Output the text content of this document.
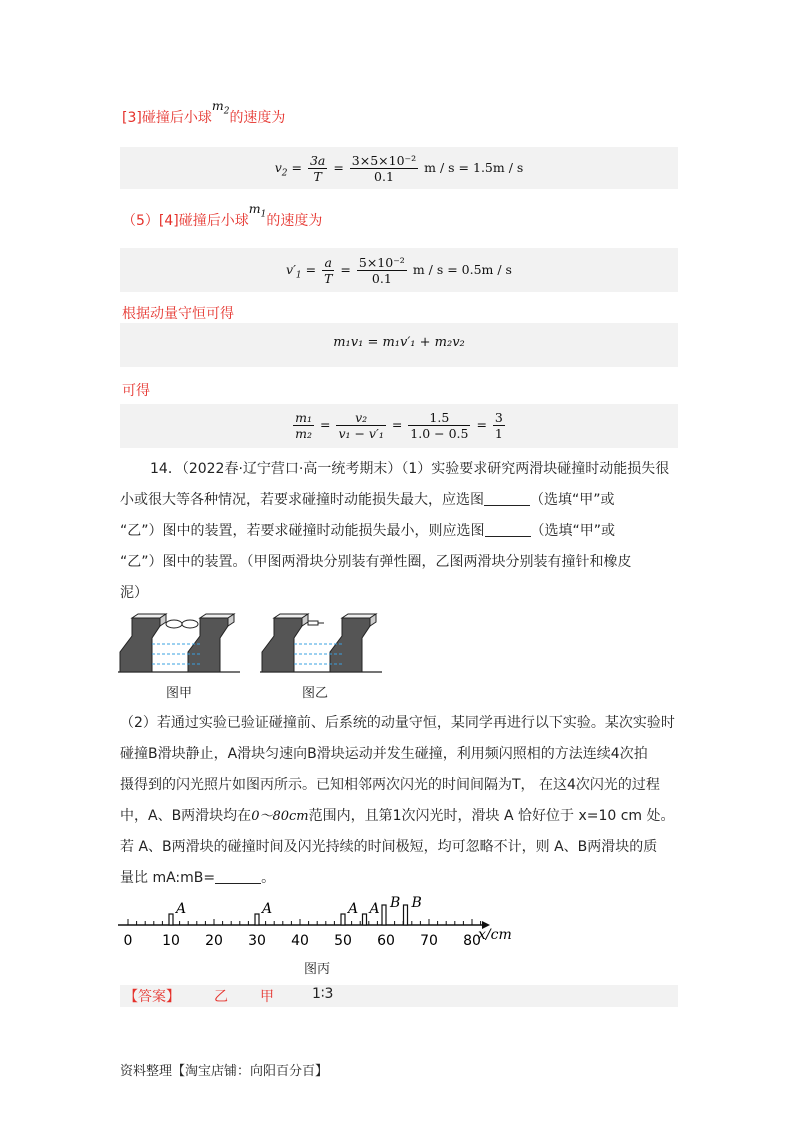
[3]碰撞后小球$m_2$的速度为
$v_2 = \frac{3a}{T} = \frac{\text{3×5×10⁻²}}{0.1}$ m / s = 1.5m / s
（5）[4]碰撞后小球$m_1$的速度为
$v'_1 = \frac{a}{T} = \frac{\text{5×10⁻²}}{0.1}$ m / s = 0.5m / s
根据动量守恒可得
m₁v₁ = m₁v′₁ + m₂v₂
可得
$\frac{\text{m₁}}{\text{m₂}} = \frac{\text{v₂}}{\text{v₁ − v′₁}} = \frac{1.5}{1.0 - 0.5} = \frac{3}{1}$
14．（2022春·辽宁营口·高一统考期末）（1）实验要求研究两滑块碰撞时动能损失很
小或很大等各种情况，若要求碰撞时动能损失最大，应选图	（选填“甲”或
“乙”）图中的装置，若要求碰撞时动能损失最小，则应选图	（选填“甲”或
“乙”）图中的装置。（甲图两滑块分别装有弹性圈，乙图两滑块分别装有撞针和橡皮
泥）
图甲	图乙
（2）若通过实验已验证碰撞前、后系统的动量守恒，某同学再进行以下实验。某次实验时
碰撞B滑块静止，A滑块匀速向B滑块运动并发生碰撞，利用频闪照相的方法连续4次拍
摄得到的闪光照片如图丙所示。已知相邻两次闪光的时间间隔为T， 在这4次闪光的过程
中，A、B两滑块均在0～80cm范围内，且第1次闪光时，滑块 A 恰好位于 x=10 cm 处。
若 A、B两滑块的碰撞时间及闪光持续的时间极短，均可忽略不计，则 A、B两滑块的质
量比 mA:mB=	。
0 10 20 30 40 50 60 70 80
x/cm
A	A	A A B B
图丙
【答案】 乙 甲	1∶3
资料整理【淘宝店铺：向阳百分百】
